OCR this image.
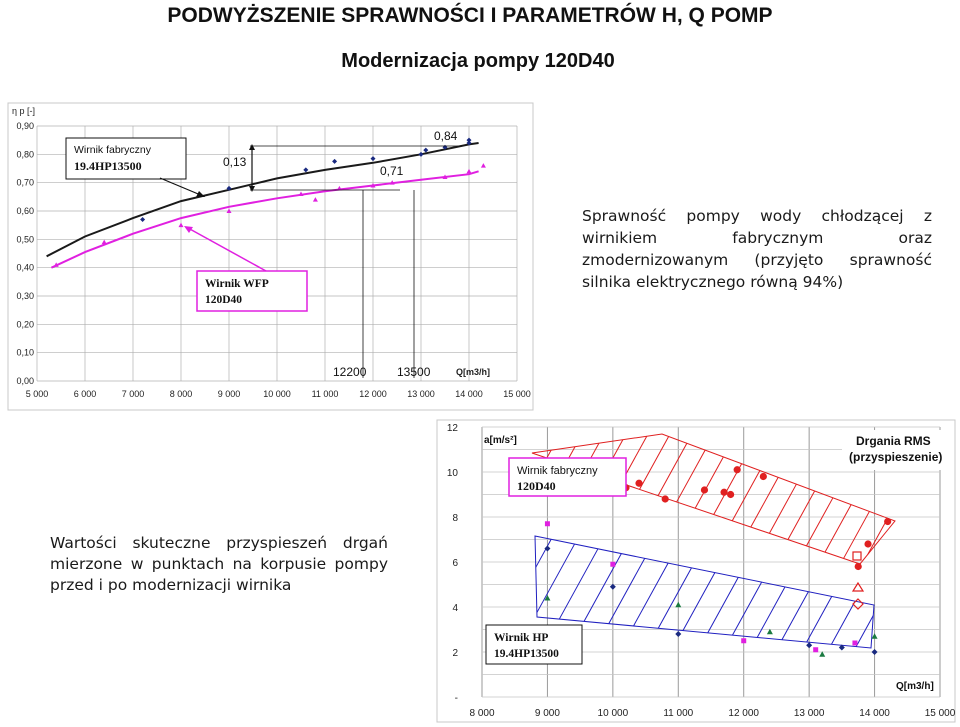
PODWYŻSZENIE SPRAWNOŚCI I PARAMETRÓW H, Q POMP
Modernizacja pompy 120D40
Sprawność pompy wody chłodzącej z wirnikiem fabrycznym oraz zmodernizowanym (przyjęto sprawność silnika elektrycznego równą 94%)
Wartości skuteczne przyspieszeń drgań mierzone w punktach na korpusie pompy przed i po modernizacji wirnika
5 000	6 000	7 000	8 000	9 000	10 000 11 000 12 000 13 000 14 000 15 000
0,00
0,10
0,20
0,30
0,40
0,50
0,60
0,70
0,80
0,90
η p [-]
Q[m3/h]
0,84
0,13
0,71
12200	13500
Wirnik fabryczny
19.4HP13500
Wirnik WFP
120D40
8 000	9 000	10 000	11 000	12 000	13 000	14 000	15 000
12
10
8
6
4
2
-
a[m/s²]
Q[m3/h]
Drgania RMS
(przyspieszenie)
Wirnik fabryczny
120D40
Wirnik HP
19.4HP13500
